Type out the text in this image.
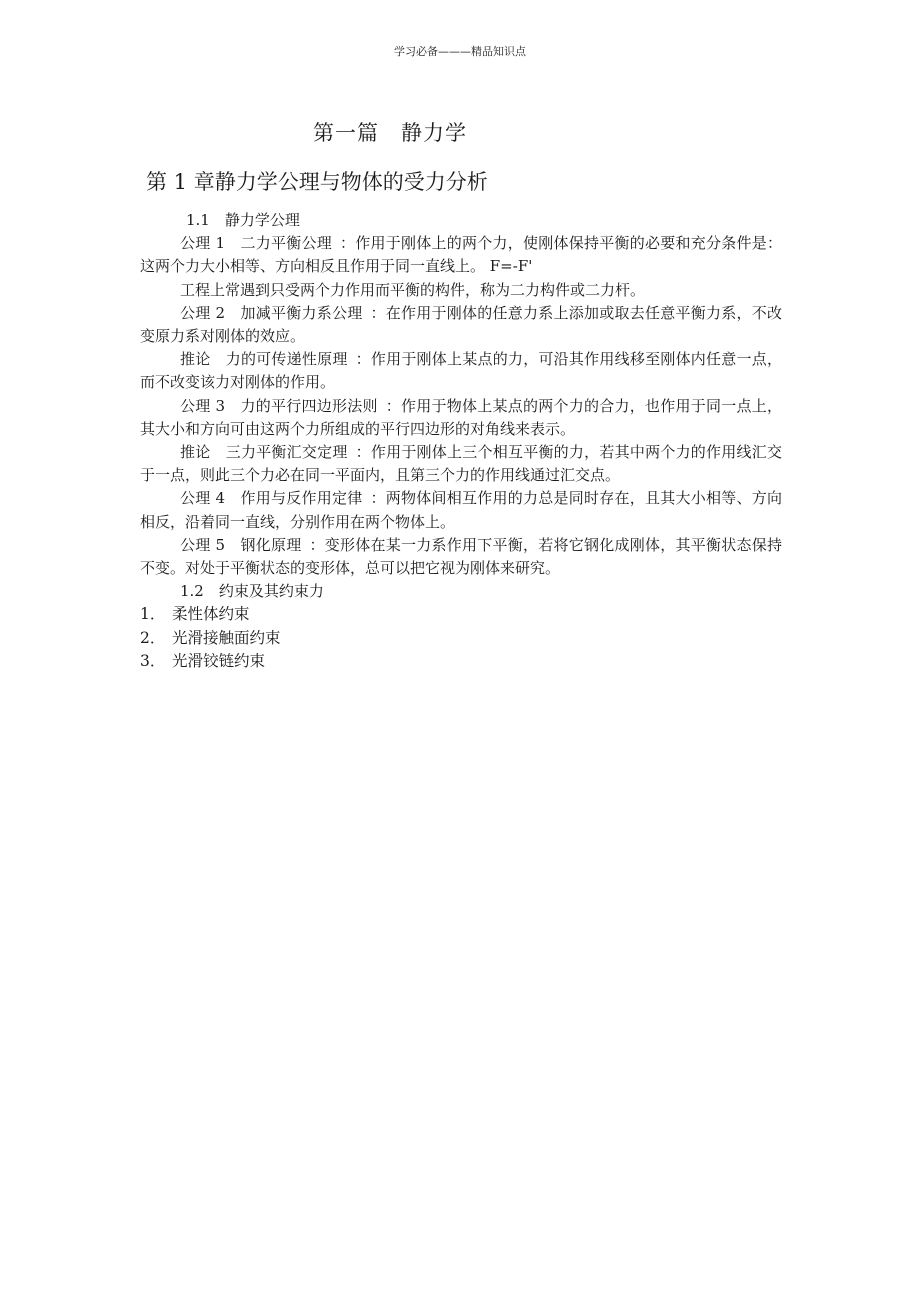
学习必备———精品知识点
第一篇 静力学
第 1 章静力学公理与物体的受力分析
1.1　静力学公理

公理 1　二力平衡公理 ：作用于刚体上的两个力，使刚体保持平衡的必要和充分条件是：这两个力大小相等、方向相反且作用于同一直线上。 F=-F'

工程上常遇到只受两个力作用而平衡的构件，称为二力构件或二力杆。

公理 2　加减平衡力系公理 ：在作用于刚体的任意力系上添加或取去任意平衡力系，不改变原力系对刚体的效应。

推论　力的可传递性原理 ：作用于刚体上某点的力，可沿其作用线移至刚体内任意一点，而不改变该力对刚体的作用。

公理 3　力的平行四边形法则 ：作用于物体上某点的两个力的合力，也作用于同一点上，其大小和方向可由这两个力所组成的平行四边形的对角线来表示。

推论　三力平衡汇交定理 ：作用于刚体上三个相互平衡的力，若其中两个力的作用线汇交于一点，则此三个力必在同一平面内，且第三个力的作用线通过汇交点。

公理 4　作用与反作用定律 ：两物体间相互作用的力总是同时存在，且其大小相等、方向相反，沿着同一直线，分别作用在两个物体上。

公理 5　钢化原理 ：变形体在某一力系作用下平衡，若将它钢化成刚体，其平衡状态保持不变。对处于平衡状态的变形体，总可以把它视为刚体来研究。

1.2　约束及其约束力

1． 柔性体约束

2． 光滑接触面约束

3． 光滑铰链约束
